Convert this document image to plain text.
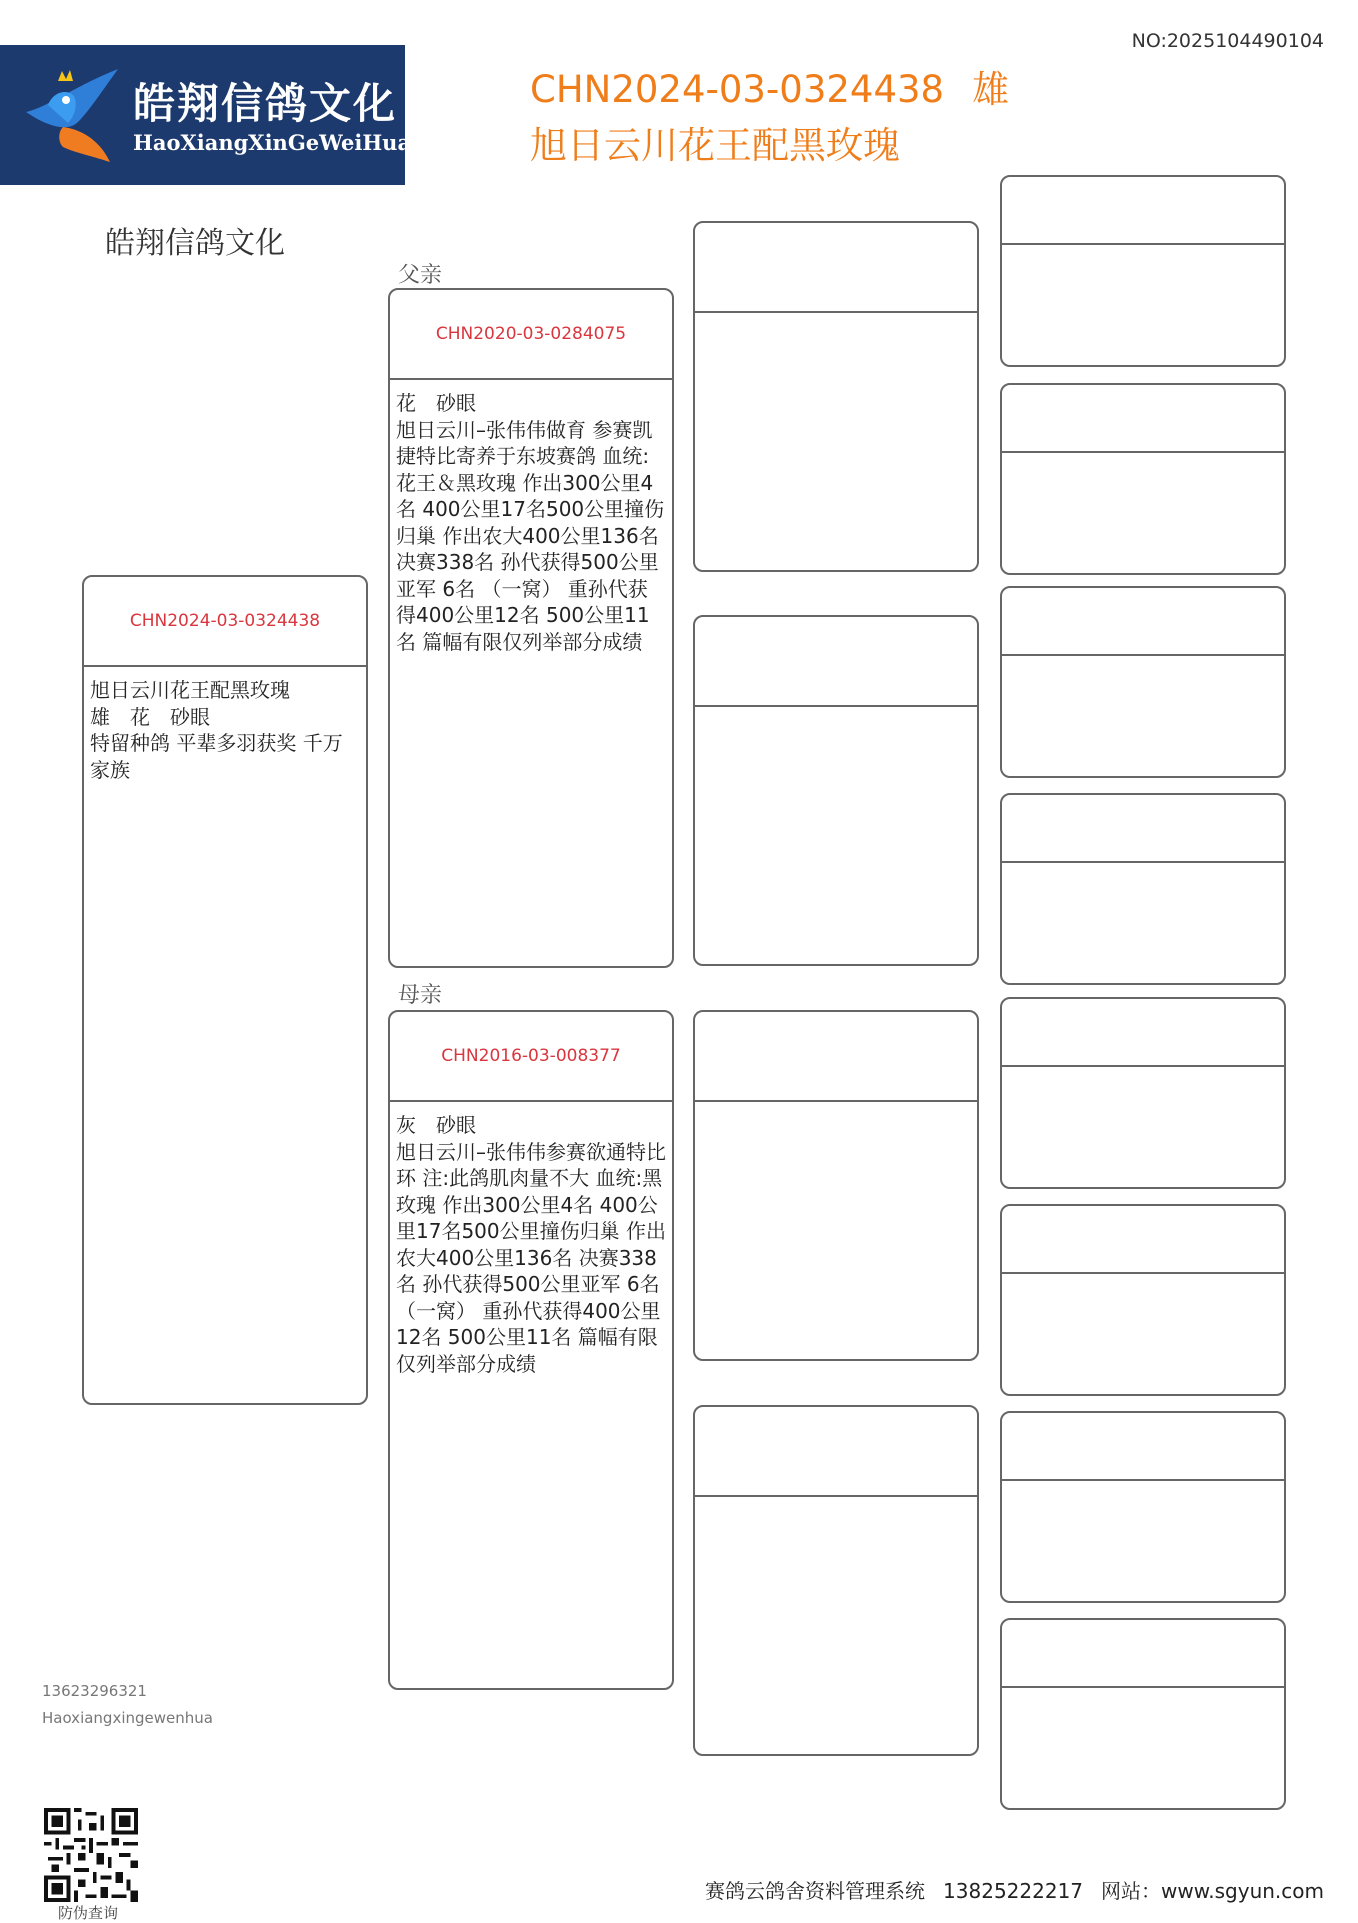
NO:2025104490104
皓翔信鸽文化
HaoXiangXinGeWeiHua
CHN2024-03-0324438 雄
旭日云川花王配黑玫瑰
皓翔信鸽文化
CHN2024-03-0324438
旭日云川花王配黑玫瑰
雄　花　砂眼
特留种鸽 平辈多羽获奖 千万家族
父亲
CHN2020-03-0284075
花　砂眼
旭日云川–张伟伟做育 参赛凯捷特比寄养于东坡赛鸽 血统:花王＆黑玫瑰 作出300公里4名 400公里17名500公里撞伤归巢 作出农大400公里136名 决赛338名 孙代获得500公里亚军 6名 （一窝） 重孙代获得400公里12名 500公里11名 篇幅有限仅列举部分成绩
母亲
CHN2016-03-008377
灰　砂眼
旭日云川–张伟伟参赛欲通特比环 注:此鸽肌肉量不大 血统:黑玫瑰 作出300公里4名 400公里17名500公里撞伤归巢 作出农大400公里136名 决赛338名 孙代获得500公里亚军 6名 （一窝） 重孙代获得400公里12名 500公里11名 篇幅有限仅列举部分成绩
13623296321
Haoxiangxingewenhua
防伪查询
赛鸽云鸽舍资料管理系统 13825222217 网站：www.sgyun.com
